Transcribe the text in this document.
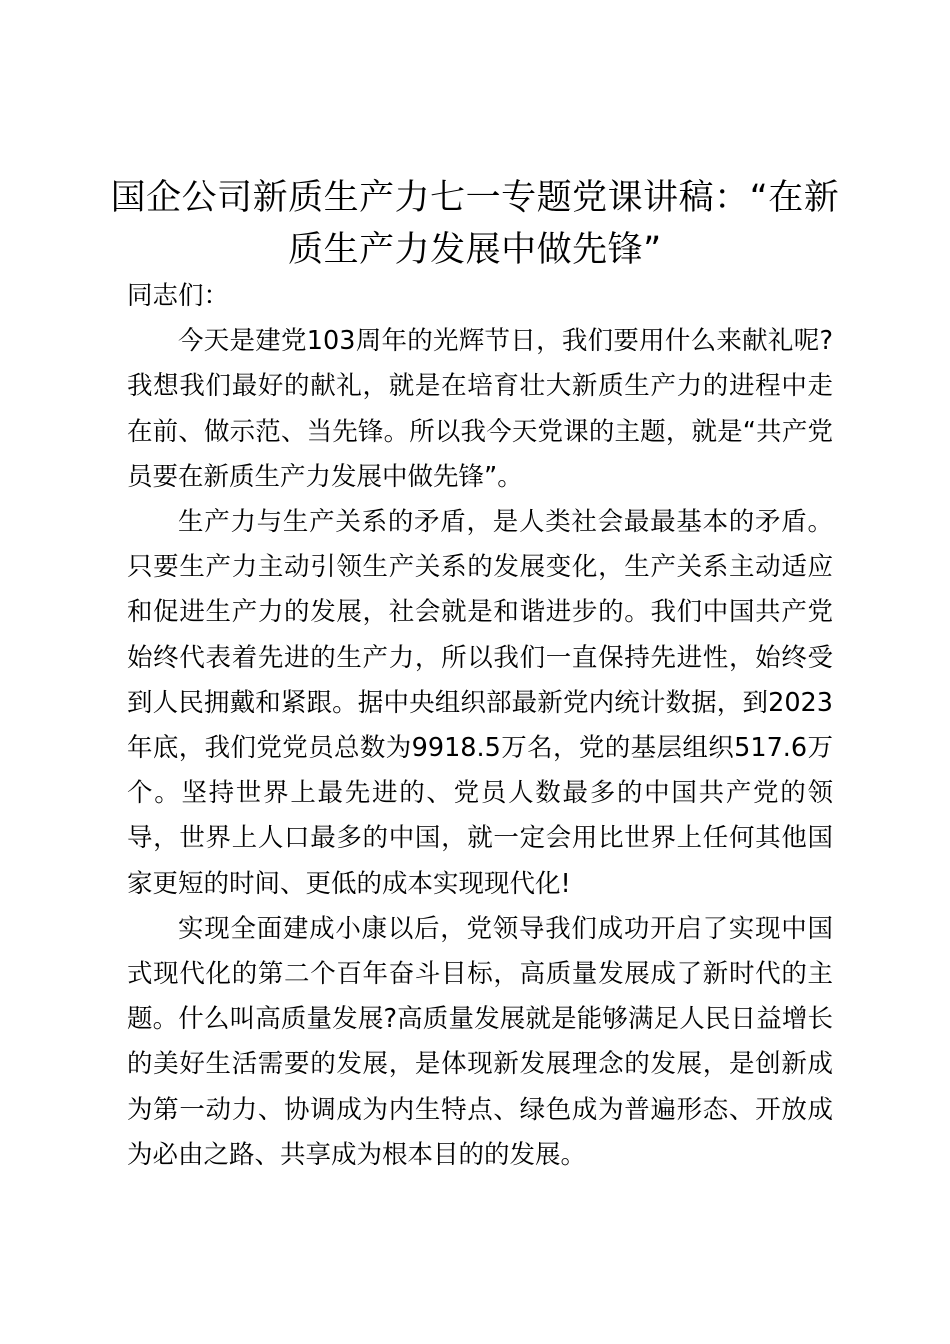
国企公司新质生产力七一专题党课讲稿：“在新质生产力发展中做先锋”

同志们：

今天是建党103周年的光辉节日，我们要用什么来献礼呢?我想我们最好的献礼，就是在培育壮大新质生产力的进程中走在前、做示范、当先锋。所以我今天党课的主题，就是“共产党员要在新质生产力发展中做先锋”。

生产力与生产关系的矛盾，是人类社会最最基本的矛盾。只要生产力主动引领生产关系的发展变化，生产关系主动适应和促进生产力的发展，社会就是和谐进步的。我们中国共产党始终代表着先进的生产力，所以我们一直保持先进性，始终受到人民拥戴和紧跟。据中央组织部最新党内统计数据，到2023年底，我们党党员总数为9918.5万名，党的基层组织517.6万个。坚持世界上最先进的、党员人数最多的中国共产党的领导，世界上人口最多的中国，就一定会用比世界上任何其他国家更短的时间、更低的成本实现现代化!

实现全面建成小康以后，党领导我们成功开启了实现中国式现代化的第二个百年奋斗目标，高质量发展成了新时代的主题。什么叫高质量发展?高质量发展就是能够满足人民日益增长的美好生活需要的发展，是体现新发展理念的发展，是创新成为第一动力、协调成为内生特点、绿色成为普遍形态、开放成为必由之路、共享成为根本目的的发展。
